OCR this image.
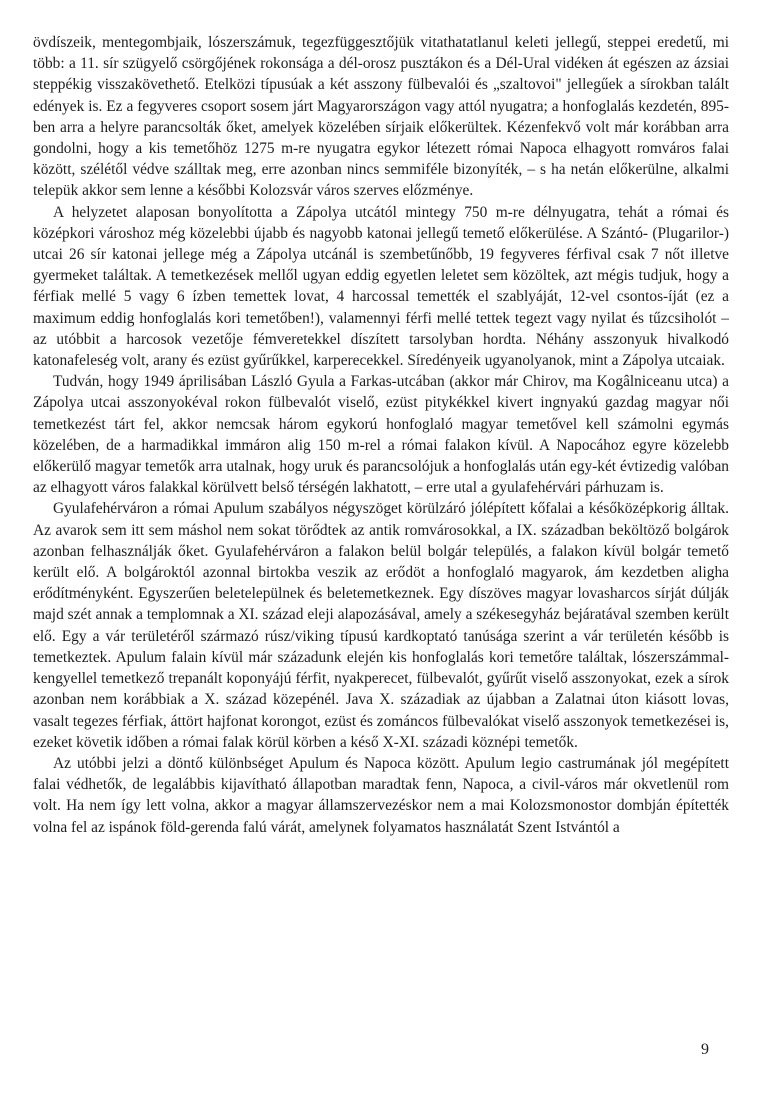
övdíszeik, mentegombjaik, lószerszámuk, tegezfüggesztőjük vitathatatlanul keleti jellegű, steppei eredetű, mi több: a 11. sír szügyelő csörgőjének rokonsága a dél-orosz pusztákon és a Dél-Ural vidéken át egészen az ázsiai steppékig visszakövethető. Etelközi típusúak a két asszony fülbevalói és „szaltovoi" jellegűek a sírokban talált edények is. Ez a fegyveres csoport sosem járt Magyarországon vagy attól nyugatra; a honfoglalás kezdetén, 895-ben arra a helyre parancsolták őket, amelyek közelében sírjaik előkerültek. Kézenfekvő volt már korábban arra gondolni, hogy a kis temetőhöz 1275 m-re nyugatra egykor létezett római Napoca elhagyott romváros falai között, szélétől védve szálltak meg, erre azonban nincs semmiféle bizonyíték, – s ha netán előkerülne, alkalmi telepük akkor sem lenne a későbbi Kolozsvár város szerves előzménye.

A helyzetet alaposan bonyolította a Zápolya utcától mintegy 750 m-re délnyugatra, tehát a római és középkori városhoz még közelebbi újabb és nagyobb katonai jellegű temető előkerülése. A Szántó- (Plugarilor-) utcai 26 sír katonai jellege még a Zápolya utcánál is szembetűnőbb, 19 fegyveres férfival csak 7 nőt illetve gyermeket találtak. A temetkezések mellől ugyan eddig egyetlen leletet sem közöltek, azt mégis tudjuk, hogy a férfiak mellé 5 vagy 6 ízben temettek lovat, 4 harcossal temették el szablyáját, 12-vel csontos-íját (ez a maximum eddig honfoglalás kori temetőben!), valamennyi férfi mellé tettek tegezt vagy nyilat és tűzcsiholót – az utóbbit a harcosok vezetője fémveretekkel díszített tarsolyban hordta. Néhány asszonyuk hivalkodó katonafeleség volt, arany és ezüst gyűrűkkel, karperecekkel. Síredényeik ugyanolyanok, mint a Zápolya utcaiak.

Tudván, hogy 1949 áprilisában László Gyula a Farkas-utcában (akkor már Chirov, ma Kogâlniceanu utca) a Zápolya utcai asszonyokéval rokon fülbevalót viselő, ezüst pitykékkel kivert ingnyakú gazdag magyar női temetkezést tárt fel, akkor nemcsak három egykorú honfoglaló magyar temetővel kell számolni egymás közelében, de a harmadikkal immáron alig 150 m-rel a római falakon kívül. A Napocához egyre közelebb előkerülő magyar temetők arra utalnak, hogy uruk és parancsolójuk a honfoglalás után egy-két évtizedig valóban az elhagyott város falakkal körülvett belső térségén lakhatott, – erre utal a gyulafehérvári párhuzam is.

Gyulafehérváron a római Apulum szabályos négyszöget körülzáró jólépített kőfalai a későközépkorig álltak. Az avarok sem itt sem máshol nem sokat törődtek az antik romvárosokkal, a IX. században beköltöző bolgárok azonban felhasználják őket. Gyulafehérváron a falakon belül bolgár település, a falakon kívül bolgár temető került elő. A bolgároktól azonnal birtokba veszik az erődöt a honfoglaló magyarok, ám kezdetben aligha erődítményként. Egyszerűen beletelepülnek és beletemetkeznek. Egy díszöves magyar lovasharcos sírját dúlják majd szét annak a templomnak a XI. század eleji alapozásával, amely a székesegyház bejáratával szemben került elő. Egy a vár területéről származó rúsz/viking típusú kardkoptató tanúsága szerint a vár területén később is temetkeztek. Apulum falain kívül már századunk elején kis honfoglalás kori temetőre találtak, lószerszámmal-kengyellel temetkező trepanált koponyájú férfit, nyakperecet, fülbevalót, gyűrűt viselő asszonyokat, ezek a sírok azonban nem korábbiak a X. század közepénél. Java X. századiak az újabban a Zalatnai úton kiásott lovas, vasalt tegezes férfiak, áttört hajfonat korongot, ezüst és zománcos fülbevalókat viselő asszonyok temetkezései is, ezeket követik időben a római falak körül körben a késő X-XI. századi köznépi temetők.

Az utóbbi jelzi a döntő különbséget Apulum és Napoca között. Apulum legio castrumának jól megépített falai védhetők, de legalábbis kijavítható állapotban maradtak fenn, Napoca, a civil-város már okvetlenül rom volt. Ha nem így lett volna, akkor a magyar államszervezéskor nem a mai Kolozsmonostor dombján építették volna fel az ispánok föld-gerenda falú várát, amelynek folyamatos használatát Szent Istvántól a

9
